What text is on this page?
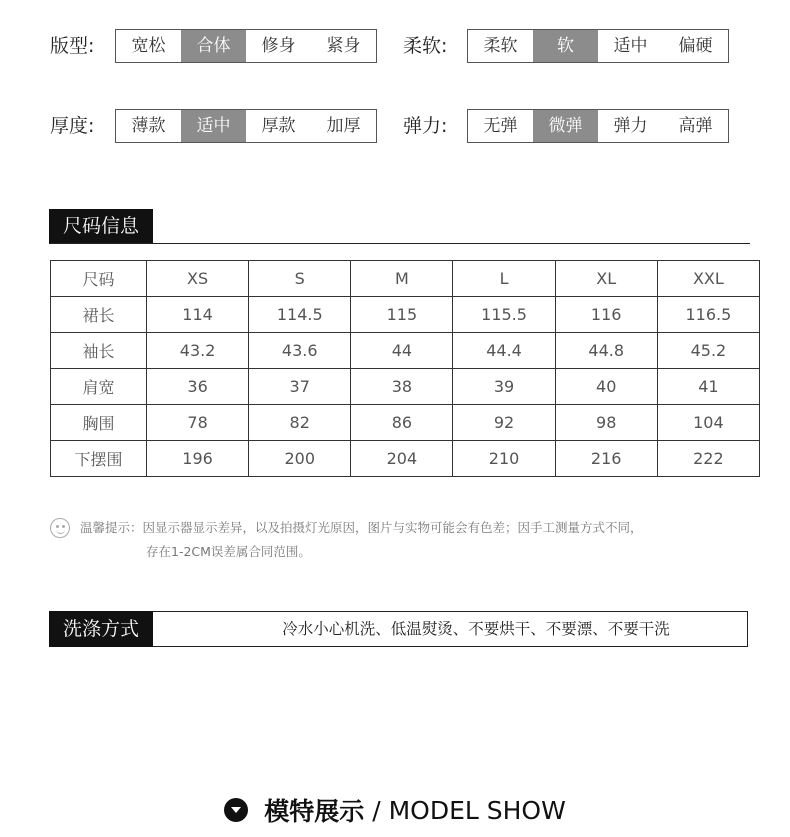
版型:	宽松	合体	修身	紧身	柔软:	柔软	软	适中	偏硬
厚度:	薄款	适中	厚款	加厚	弹力:	无弹	微弹	弹力	高弹
尺码信息
尺码	XS	S	M	L	XL	XXL
裙长	114	114.5	115	115.5	116	116.5
袖长	43.2	43.6	44	44.4	44.8	45.2
肩宽	36	37	38	39	40	41
胸围	78	82	86	92	98	104
下摆围	196	200	204	210	216	222
温馨提示：因显示器显示差异，以及拍摄灯光原因，图片与实物可能会有色差；因手工测量方式不同，
存在1-2CM误差属合同范围。
洗涤方式	冷水小心机洗、低温熨烫、不要烘干、不要漂、不要干洗
模特展示 / MODEL SHOW
